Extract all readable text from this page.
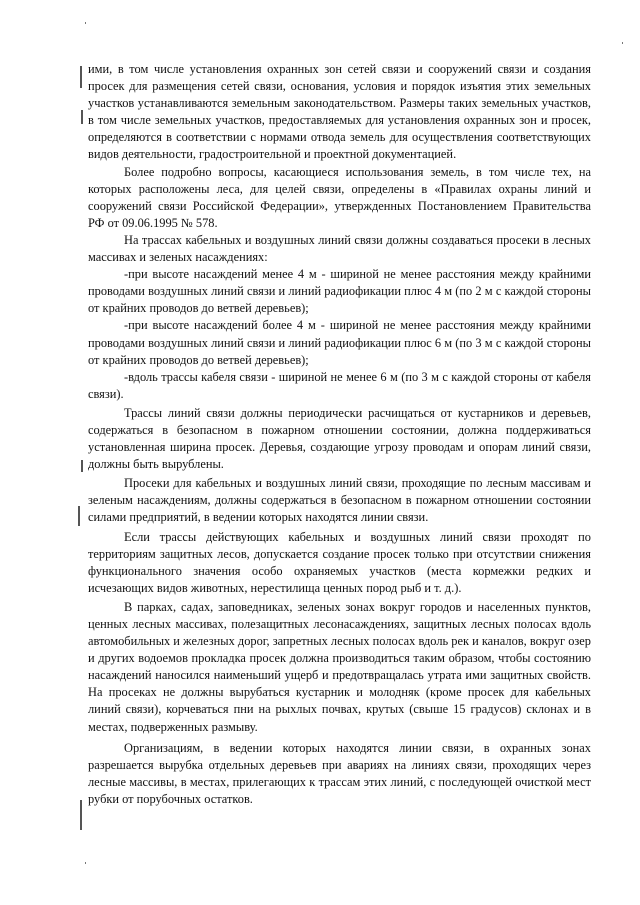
ими, в том числе установления охранных зон сетей связи и сооружений связи и создания просек для размещения сетей связи, основания, условия и порядок изъятия этих земельных участков устанавливаются земельным законодательством. Размеры таких земельных участков, в том числе земельных участков, предоставляемых для установления охранных зон и просек, определяются в соответствии с нормами отвода земель для осуществления соответствующих видов деятельности, градостроительной и проектной документацией.

Более подробно вопросы, касающиеся использования земель, в том числе тех, на которых расположены леса, для целей связи, определены в «Правилах охраны линий и сооружений связи Российской Федерации», утвержденных Постановлением Правительства РФ от 09.06.1995 № 578.

На трассах кабельных и воздушных линий связи должны создаваться просеки в лесных массивах и зеленых насаждениях:

-при высоте насаждений менее 4 м - шириной не менее расстояния между крайними проводами воздушных линий связи и линий радиофикации плюс 4 м (по 2 м с каждой стороны от крайних проводов до ветвей деревьев);

-при высоте насаждений более 4 м - шириной не менее расстояния между крайними проводами воздушных линий связи и линий радиофикации плюс 6 м (по 3 м с каждой стороны от крайних проводов до ветвей деревьев);

-вдоль трассы кабеля связи - шириной не менее 6 м (по 3 м с каждой стороны от кабеля связи).

Трассы линий связи должны периодически расчищаться от кустарников и деревьев, содержаться в безопасном в пожарном отношении состоянии, должна поддерживаться установленная ширина просек. Деревья, создающие угрозу проводам и опорам линий связи, должны быть вырублены.

Просеки для кабельных и воздушных линий связи, проходящие по лесным массивам и зеленым насаждениям, должны содержаться в безопасном в пожарном отношении состоянии силами предприятий, в ведении которых находятся линии связи.

Если трассы действующих кабельных и воздушных линий связи проходят по территориям защитных лесов, допускается создание просек только при отсутствии снижения функционального значения особо охраняемых участков (места кормежки редких и исчезающих видов животных, нерестилища ценных пород рыб и т. д.).

В парках, садах, заповедниках, зеленых зонах вокруг городов и населенных пунктов, ценных лесных массивах, полезащитных лесонасаждениях, защитных лесных полосах вдоль автомобильных и железных дорог, запретных лесных полосах вдоль рек и каналов, вокруг озер и других водоемов прокладка просек должна производиться таким образом, чтобы состоянию насаждений наносился наименьший ущерб и предотвращалась утрата ими защитных свойств. На просеках не должны вырубаться кустарник и молодняк (кроме просек для кабельных линий связи), корчеваться пни на рыхлых почвах, крутых (свыше 15 градусов) склонах и в местах, подверженных размыву.

Организациям, в ведении которых находятся линии связи, в охранных зонах разрешается вырубка отдельных деревьев при авариях на линиях связи, проходящих через лесные массивы, в местах, прилегающих к трассам этих линий, с последующей очисткой мест рубки от порубочных остатков.
